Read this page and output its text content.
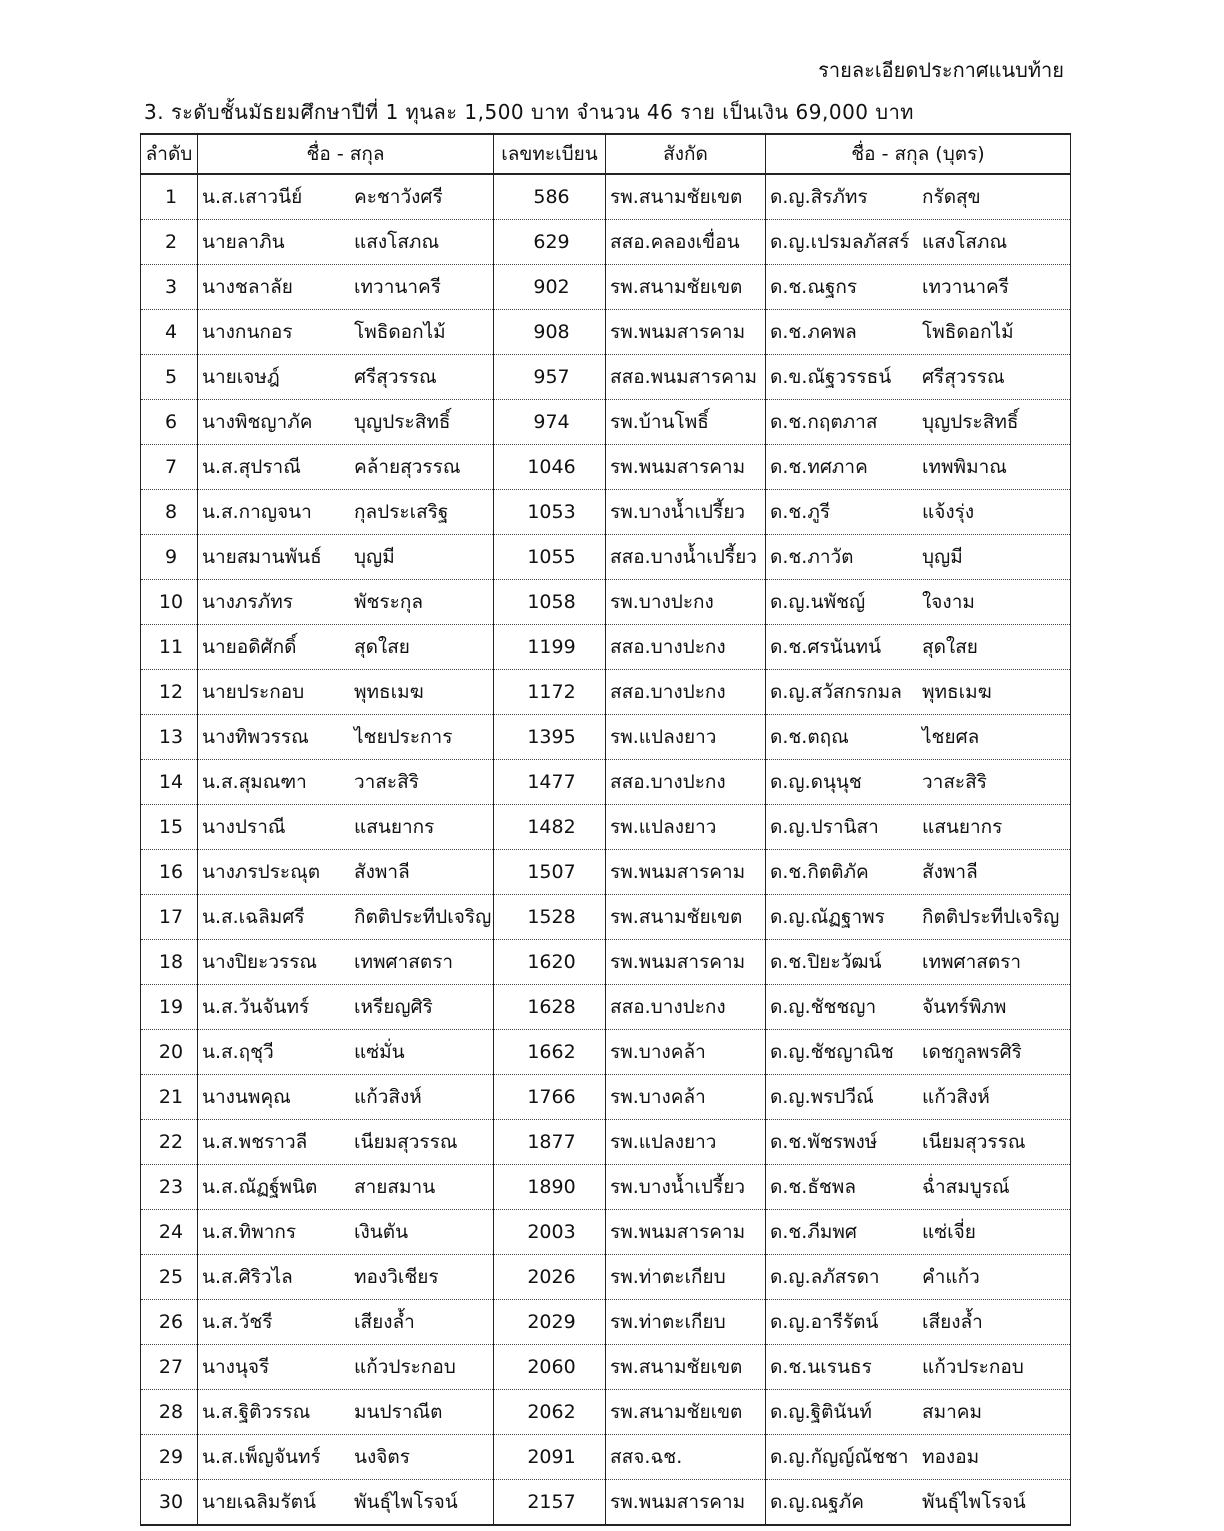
รายละเอียดประกาศแนบท้าย
3. ระดับชั้นมัธยมศึกษาปีที่ 1 ทุนละ 1,500 บาท จำนวน 46 ราย เป็นเงิน 69,000 บาท
ลำดับ	ชื่อ - สกุล	เลขทะเบียน	สังกัด	ชื่อ - สกุล (บุตร)
1	น.ส.เสาวนีย์ คะชาวังศรี	586	รพ.สนามชัยเขต	ด.ญ.สิรภัทร กรัดสุข

2	นายลาภิน แสงโสภณ	629	สสอ.คลองเขื่อน	ด.ญ.เปรมลภัสสร์ แสงโสภณ

3	นางชลาลัย เทวานาครี	902	รพ.สนามชัยเขต	ด.ช.ณฐกร เทวานาครี

4	นางกนกอร โพธิดอกไม้	908	รพ.พนมสารคาม	ด.ช.ภคพล โพธิดอกไม้

5	นายเจษฎ์ ศรีสุวรรณ	957	สสอ.พนมสารคาม	ด.ข.ณัฐวรรธน์ ศรีสุวรรณ

6	นางพิชญาภัค บุญประสิทธิ์	974	รพ.บ้านโพธิ์	ด.ช.กฤตภาส บุญประสิทธิ์

7	น.ส.สุปราณี คล้ายสุวรรณ	1046	รพ.พนมสารคาม	ด.ช.ทศภาค เทพพิมาณ

8	น.ส.กาญจนา กุลประเสริฐ	1053	รพ.บางน้ำเปรี้ยว	ด.ช.ภูรี แจ้งรุ่ง

9	นายสมานพันธ์ บุญมี	1055	สสอ.บางน้ำเปรี้ยว	ด.ช.ภาวัต บุญมี

10	นางภรภัทร พัชระกุล	1058	รพ.บางปะกง	ด.ญ.นพัชญ์ ใจงาม

11	นายอดิศักดิ์ สุดใสย	1199	สสอ.บางปะกง	ด.ช.ศรนันทน์ สุดใสย

12	นายประกอบ พุทธเมฆ	1172	สสอ.บางปะกง	ด.ญ.สวัสกรกมล พุทธเมฆ

13	นางทิพวรรณ ไชยประการ	1395	รพ.แปลงยาว	ด.ช.ตฤณ ไชยศล

14	น.ส.สุมณฑา วาสะสิริ	1477	สสอ.บางปะกง	ด.ญ.ดนุนุช วาสะสิริ

15	นางปราณี แสนยากร	1482	รพ.แปลงยาว	ด.ญ.ปรานิสา แสนยากร

16	นางภรประณุต สังพาลี	1507	รพ.พนมสารคาม	ด.ช.กิตติภัค สังพาลี

17	น.ส.เฉลิมศรี กิตติประทีปเจริญ	1528	รพ.สนามชัยเขต	ด.ญ.ณัฏฐาพร กิตติประทีปเจริญ

18	นางปิยะวรรณ เทพศาสตรา	1620	รพ.พนมสารคาม	ด.ช.ปิยะวัฒน์ เทพศาสตรา

19	น.ส.วันจันทร์ เหรียญศิริ	1628	สสอ.บางปะกง	ด.ญ.ชัชชญา จันทร์พิภพ

20	น.ส.ฤชุวี แซ่มั่น	1662	รพ.บางคล้า	ด.ญ.ชัชญาณิช เดชกูลพรศิริ

21	นางนพคุณ แก้วสิงห์	1766	รพ.บางคล้า	ด.ญ.พรปวีณ์ แก้วสิงห์

22	น.ส.พชราวลี เนียมสุวรรณ	1877	รพ.แปลงยาว	ด.ช.พัชรพงษ์ เนียมสุวรรณ

23	น.ส.ณัฏฐ์พนิต สายสมาน	1890	รพ.บางน้ำเปรี้ยว	ด.ช.ธัชพล ฉ่ำสมบูรณ์

24	น.ส.ทิพากร เงินตัน	2003	รพ.พนมสารคาม	ด.ช.ภีมพศ แซ่เจี่ย

25	น.ส.ศิริวไล ทองวิเชียร	2026	รพ.ท่าตะเกียบ	ด.ญ.ลภัสรดา คำแก้ว

26	น.ส.วัชรี เสียงล้ำ	2029	รพ.ท่าตะเกียบ	ด.ญ.อารีรัตน์ เสียงล้ำ

27	นางนุจรี แก้วประกอบ	2060	รพ.สนามชัยเขต	ด.ช.นเรนธร แก้วประกอบ

28	น.ส.ฐิติวรรณ มนปราณีต	2062	รพ.สนามชัยเขต	ด.ญ.ฐิตินันท์ สมาคม

29	น.ส.เพ็ญจันทร์ นงจิตร	2091	สสจ.ฉช.	ด.ญ.กัญญ์ณัชชา ทองอม

30	นายเฉลิมรัตน์ พันธุ์ไพโรจน์	2157	รพ.พนมสารคาม	ด.ญ.ณฐภัค พันธุ์ไพโรจน์
